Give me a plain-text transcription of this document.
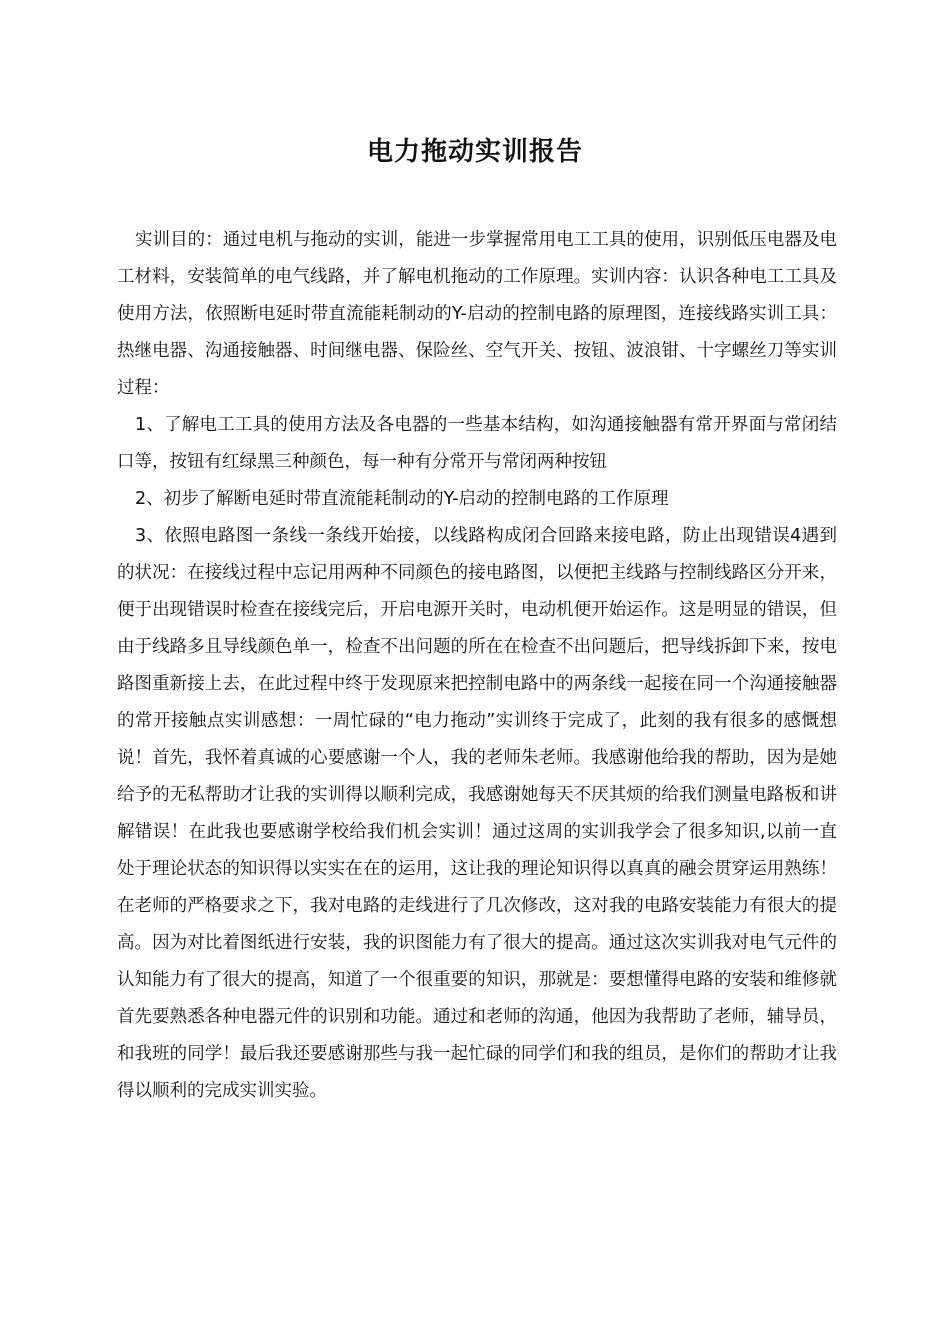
电力拖动实训报告

实训目的：通过电机与拖动的实训，能进一步掌握常用电工工具的使用，识别低压电器及电工材料，安装简单的电气线路，并了解电机拖动的工作原理。实训内容：认识各种电工工具及使用方法，依照断电延时带直流能耗制动的Y-启动的控制电路的原理图，连接线路实训工具：热继电器、沟通接触器、时间继电器、保险丝、空气开关、按钮、波浪钳、十字螺丝刀等实训过程：

1、了解电工工具的使用方法及各电器的一些基本结构，如沟通接触器有常开界面与常闭结口等，按钮有红绿黑三种颜色，每一种有分常开与常闭两种按钮

2、初步了解断电延时带直流能耗制动的Y-启动的控制电路的工作原理

3、依照电路图一条线一条线开始接，以线路构成闭合回路来接电路，防止出现错误4遇到的状况：在接线过程中忘记用两种不同颜色的接电路图，以便把主线路与控制线路区分开来，便于出现错误时检查在接线完后，开启电源开关时，电动机便开始运作。这是明显的错误，但由于线路多且导线颜色单一，检查不出问题的所在在检查不出问题后，把导线拆卸下来，按电路图重新接上去，在此过程中终于发现原来把控制电路中的两条线一起接在同一个沟通接触器的常开接触点实训感想：一周忙碌的“电力拖动”实训终于完成了，此刻的我有很多的感慨想说！首先，我怀着真诚的心要感谢一个人，我的老师朱老师。我感谢他给我的帮助，因为是她给予的无私帮助才让我的实训得以顺利完成，我感谢她每天不厌其烦的给我们测量电路板和讲解错误！在此我也要感谢学校给我们机会实训！通过这周的实训我学会了很多知识,以前一直处于理论状态的知识得以实实在在的运用，这让我的理论知识得以真真的融会贯穿运用熟练！在老师的严格要求之下，我对电路的走线进行了几次修改，这对我的电路安装能力有很大的提高。因为对比着图纸进行安装，我的识图能力有了很大的提高。通过这次实训我对电气元件的认知能力有了很大的提高，知道了一个很重要的知识，那就是：要想懂得电路的安装和维修就首先要熟悉各种电器元件的识别和功能。通过和老师的沟通，他因为我帮助了老师，辅导员，和我班的同学！最后我还要感谢那些与我一起忙碌的同学们和我的组员，是你们的帮助才让我得以顺利的完成实训实验。
